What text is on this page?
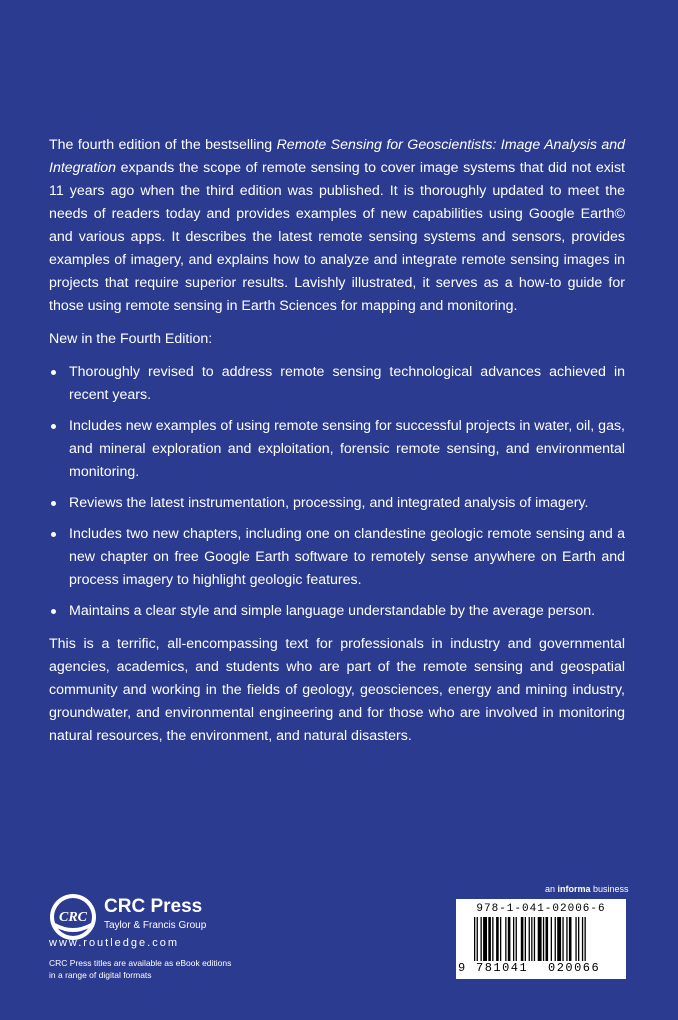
The fourth edition of the bestselling Remote Sensing for Geoscientists: Image Analysis and Integration expands the scope of remote sensing to cover image systems that did not exist 11 years ago when the third edition was published. It is thoroughly updated to meet the needs of readers today and provides examples of new capabilities using Google Earth© and various apps. It describes the latest remote sensing systems and sensors, provides examples of imagery, and explains how to analyze and integrate remote sensing images in projects that require superior results. Lavishly illustrated, it serves as a how-to guide for those using remote sensing in Earth Sciences for mapping and monitoring.

New in the Fourth Edition:

Thoroughly revised to address remote sensing technological advances achieved in recent years.
Includes new examples of using remote sensing for successful projects in water, oil, gas, and mineral exploration and exploitation, forensic remote sensing, and environmental monitoring.
Reviews the latest instrumentation, processing, and integrated analysis of imagery.
Includes two new chapters, including one on clandestine geologic remote sensing and a new chapter on free Google Earth software to remotely sense anywhere on Earth and process imagery to highlight geologic features.
Maintains a clear style and simple language understandable by the average person.

This is a terrific, all-encompassing text for professionals in industry and governmental agencies, academics, and students who are part of the remote sensing and geospatial community and working in the fields of geology, geosciences, energy and mining industry, groundwater, and environmental engineering and for those who are involved in monitoring natural resources, the environment, and natural disasters.

CRC
CRC Press
Taylor & Francis Group
www.routledge.com
CRC Press titles are available as eBook editions
in a range of digital formats
an informa business
978-1-041-02006-6
9 781041 020066
